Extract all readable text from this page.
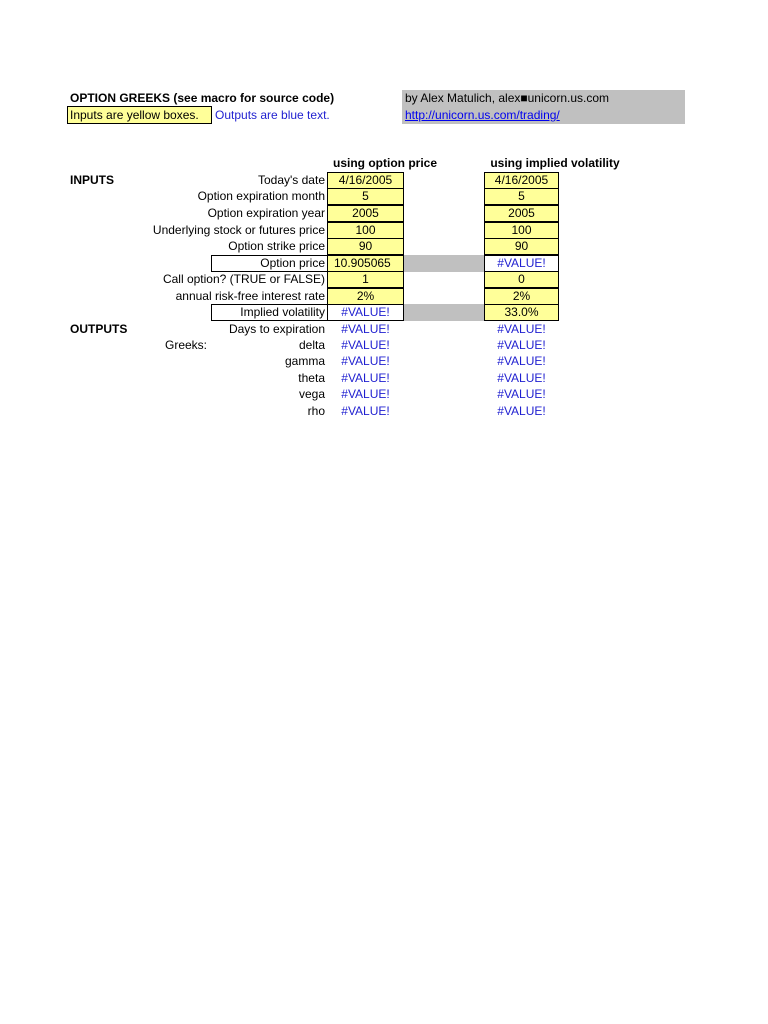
OPTION GREEKS (see macro for source code)
Inputs are yellow boxes.	Outputs are blue text.
by Alex Matulich, alex■unicorn.us.com
http://unicorn.us.com/trading/
using option price	using implied volatility
INPUTS
OUTPUTS
Greeks:
Today's date
Option expiration month
Option expiration year
Underlying stock or futures price
Option strike price
Option price
Call option? (TRUE or FALSE)
annual risk-free interest rate
Implied volatility
Days to expiration
delta
gamma
theta
vega
rho
4/16/2005
5
2005
100
90
10.905065
1
2%
#VALUE!
#VALUE!
#VALUE!
#VALUE!
#VALUE!
#VALUE!
#VALUE!
4/16/2005
5
2005
100
90
#VALUE!
0
2%
33.0%
#VALUE!
#VALUE!
#VALUE!
#VALUE!
#VALUE!
#VALUE!
